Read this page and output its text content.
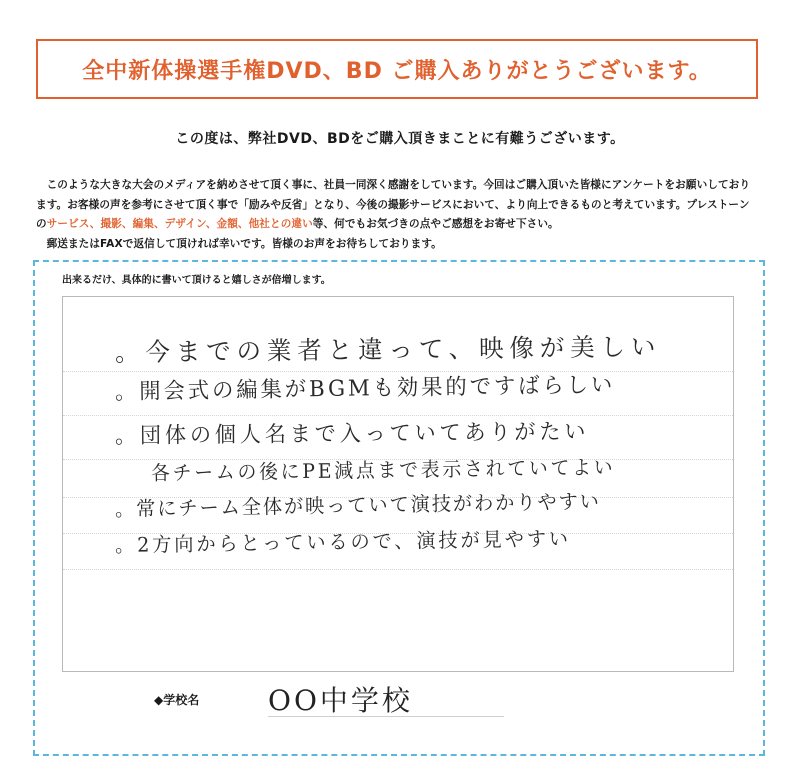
全中新体操選手権DVD、BD ご購入ありがとうございます。
この度は、弊社DVD、BDをご購入頂きまことに有難うございます。

このような大きな大会のメディアを納めさせて頂く事に、社員一同深く感謝をしています。今回はご購入頂いた皆様にアンケートをお願いしております。お客様の声を参考にさせて頂く事で「励みや反省」となり、今後の撮影サービスにおいて、より向上できるものと考えています。プレストーンのサービス、撮影、編集、デザイン、金額、他社との違い等、何でもお気づきの点やご感想をお寄せ下さい。

郵送またはFAXで返信して頂ければ幸いです。皆様のお声をお待ちしております。

出来るだけ、具体的に書いて頂けると嬉しさが倍増します。
。今までの業者と違って、映像が美しい
。開会式の編集がBGMも効果的ですばらしい
。団体の個人名まで入っていてありがたい
各チームの後にPE減点まで表示されていてよい
。常にチーム全体が映っていて演技がわかりやすい
。2方向からとっているので、演技が見やすい
◆学校名 OO中学校
